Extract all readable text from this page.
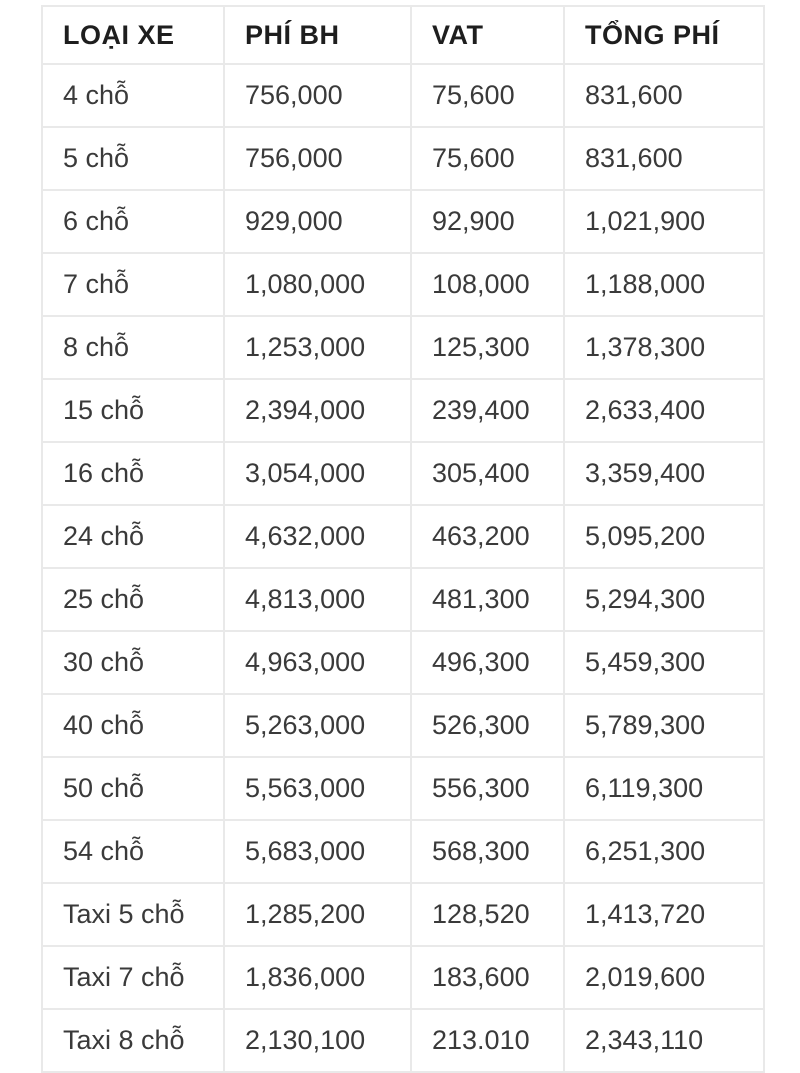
LOẠI XE	PHÍ BH	VAT	TỔNG PHÍ
4 chỗ	756,000	75,600	831,600
5 chỗ	756,000	75,600	831,600
6 chỗ	929,000	92,900	1,021,900
7 chỗ	1,080,000	108,000	1,188,000
8 chỗ	1,253,000	125,300	1,378,300
15 chỗ	2,394,000	239,400	2,633,400
16 chỗ	3,054,000	305,400	3,359,400
24 chỗ	4,632,000	463,200	5,095,200
25 chỗ	4,813,000	481,300	5,294,300
30 chỗ	4,963,000	496,300	5,459,300
40 chỗ	5,263,000	526,300	5,789,300
50 chỗ	5,563,000	556,300	6,119,300
54 chỗ	5,683,000	568,300	6,251,300
Taxi 5 chỗ	1,285,200	128,520	1,413,720
Taxi 7 chỗ	1,836,000	183,600	2,019,600
Taxi 8 chỗ	2,130,100	213.010	2,343,110
